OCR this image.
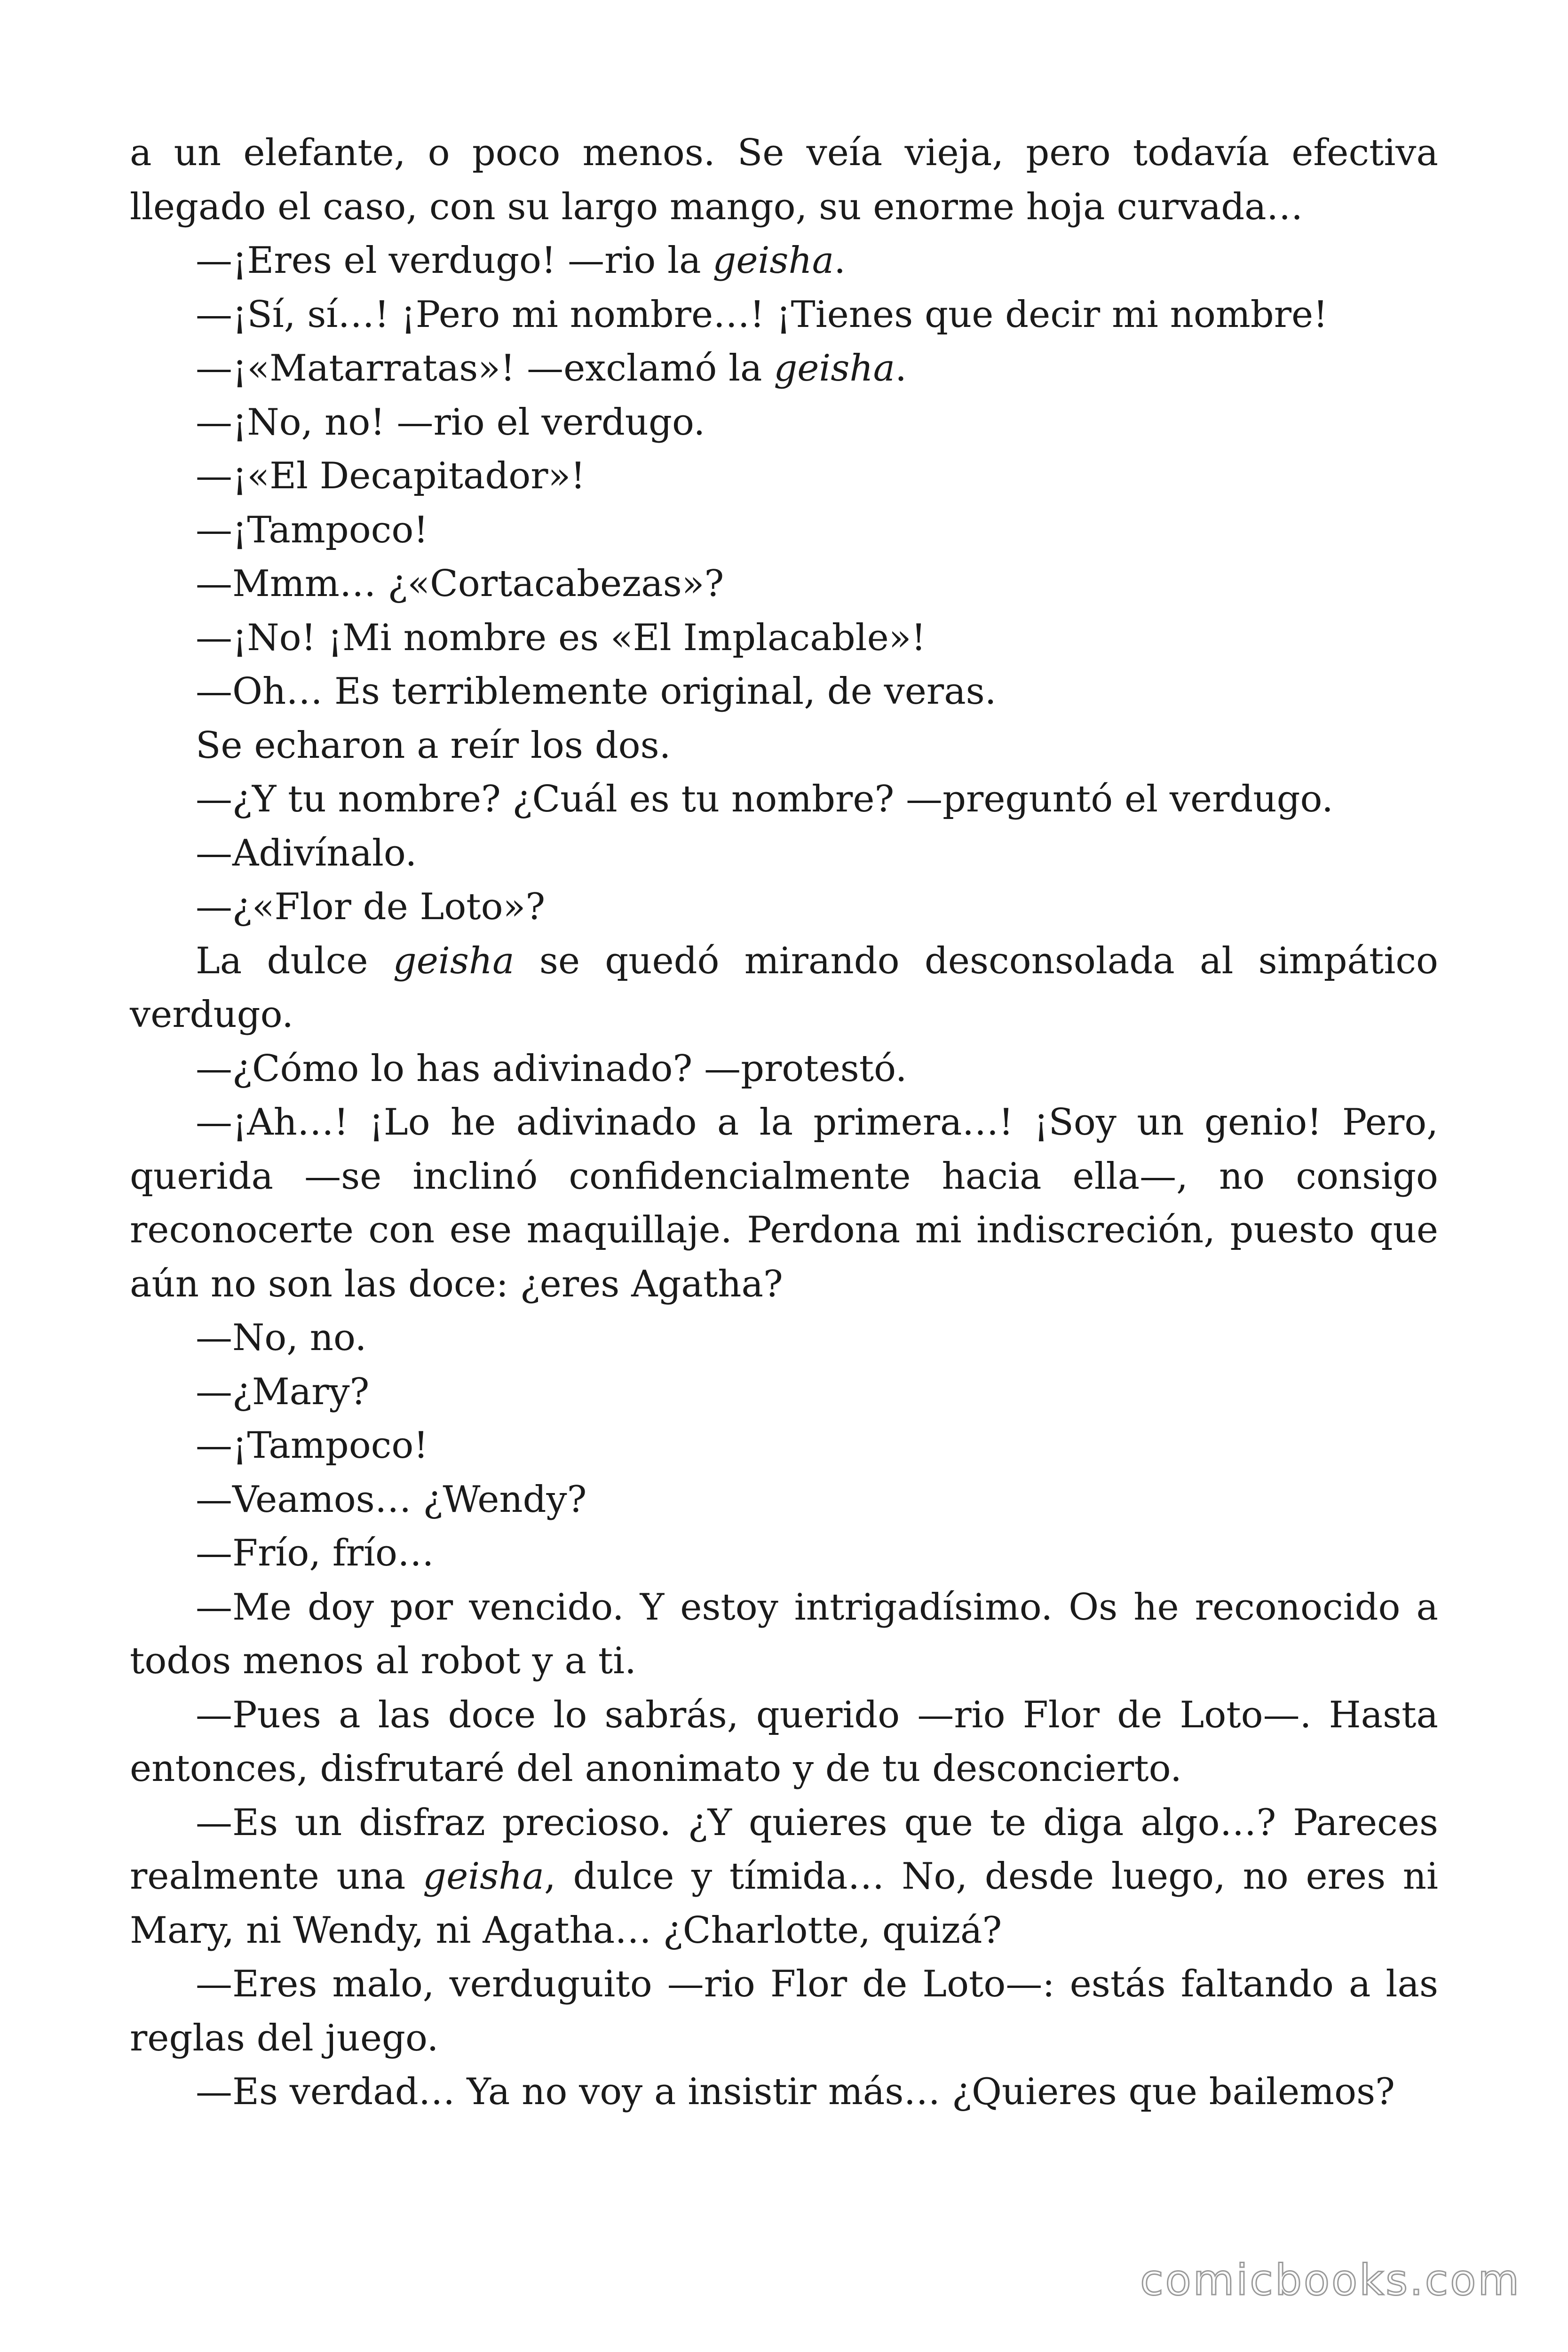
a un elefante, o poco menos. Se veía vieja, pero todavía efectiva llegado el caso, con su largo mango, su enorme hoja curvada…

—¡Eres el verdugo! —rio la geisha.

—¡Sí, sí…! ¡Pero mi nombre…! ¡Tienes que decir mi nombre!

—¡«Matarratas»! —exclamó la geisha.

—¡No, no! —rio el verdugo.

—¡«El Decapitador»!

—¡Tampoco!

—Mmm… ¿«Cortacabezas»?

—¡No! ¡Mi nombre es «El Implacable»!

—Oh… Es terriblemente original, de veras.

Se echaron a reír los dos.

—¿Y tu nombre? ¿Cuál es tu nombre? —preguntó el verdugo.

—Adivínalo.

—¿«Flor de Loto»?

La dulce geisha se quedó mirando desconsolada al simpático verdugo.

—¿Cómo lo has adivinado? —protestó.

—¡Ah…! ¡Lo he adivinado a la primera…! ¡Soy un genio! Pero, querida —se inclinó confidencialmente hacia ella—, no consigo reconocerte con ese maquillaje. Perdona mi indiscreción, puesto que aún no son las doce: ¿eres Agatha?

—No, no.

—¿Mary?

—¡Tampoco!

—Veamos… ¿Wendy?

—Frío, frío…

—Me doy por vencido. Y estoy intrigadísimo. Os he reconocido a todos menos al robot y a ti.

—Pues a las doce lo sabrás, querido —rio Flor de Loto—. Hasta entonces, disfrutaré del anonimato y de tu desconcierto.

—Es un disfraz precioso. ¿Y quieres que te diga algo…? Pareces realmente una geisha, dulce y tímida… No, desde luego, no eres ni Mary, ni Wendy, ni Agatha… ¿Charlotte, quizá?

—Eres malo, verduguito —rio Flor de Loto—: estás faltando a las reglas del juego.

—Es verdad… Ya no voy a insistir más… ¿Quieres que bailemos?

comicbooks.com
